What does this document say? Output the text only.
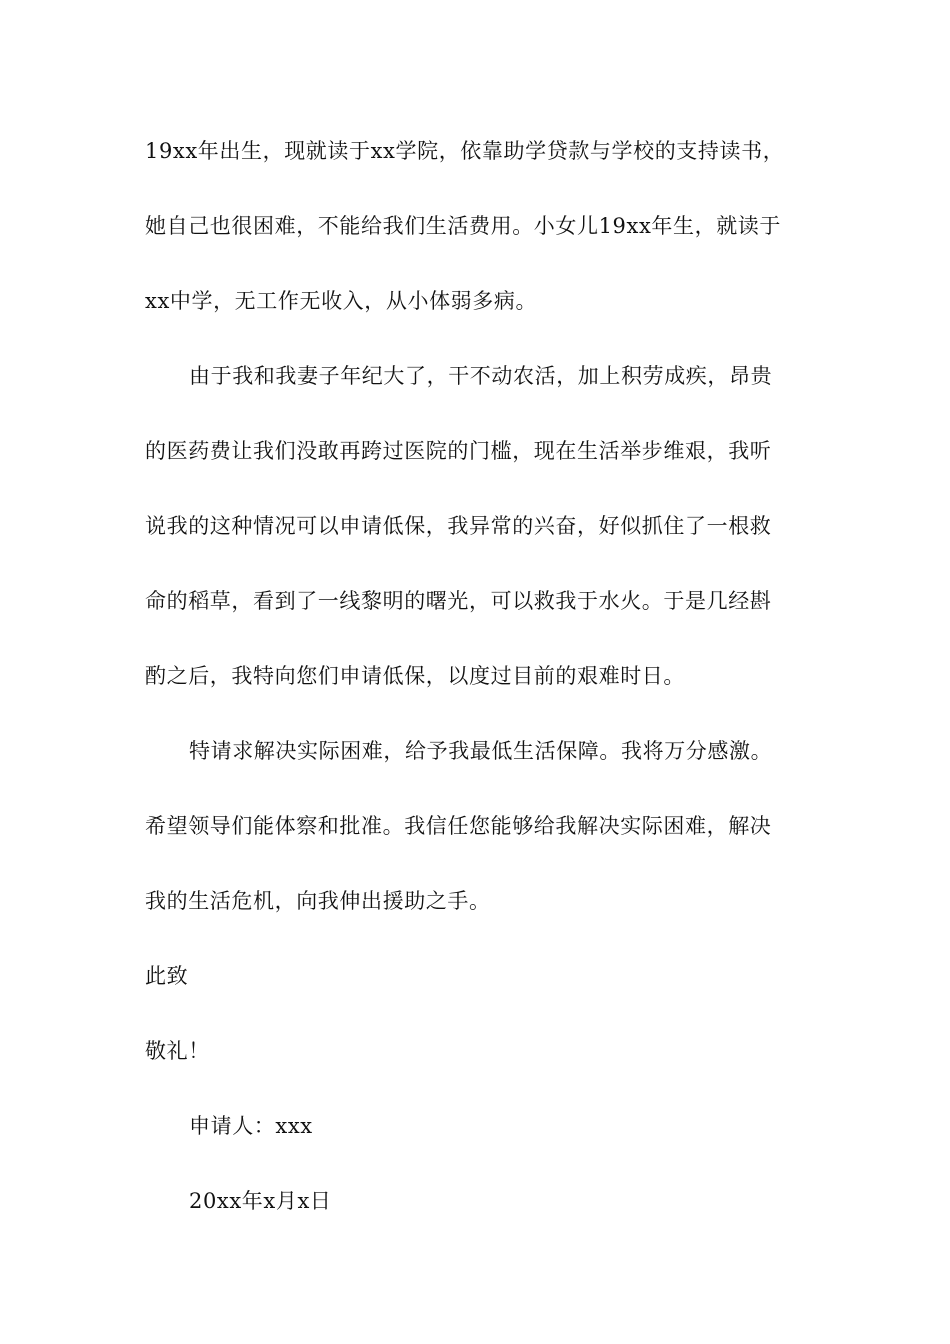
19xx年出生，现就读于xx学院，依靠助学贷款与学校的支持读书，
她自己也很困难，不能给我们生活费用。小女儿19xx年生，就读于
xx中学，无工作无收入，从小体弱多病。
由于我和我妻子年纪大了，干不动农活，加上积劳成疾，昂贵
的医药费让我们没敢再跨过医院的门槛，现在生活举步维艰，我听
说我的这种情况可以申请低保，我异常的兴奋，好似抓住了一根救
命的稻草，看到了一线黎明的曙光，可以救我于水火。于是几经斟
酌之后，我特向您们申请低保，以度过目前的艰难时日。
特请求解决实际困难，给予我最低生活保障。我将万分感激。
希望领导们能体察和批准。我信任您能够给我解决实际困难，解决
我的生活危机，向我伸出援助之手。
此致
敬礼！
申请人：xxx
20xx年x月x日
